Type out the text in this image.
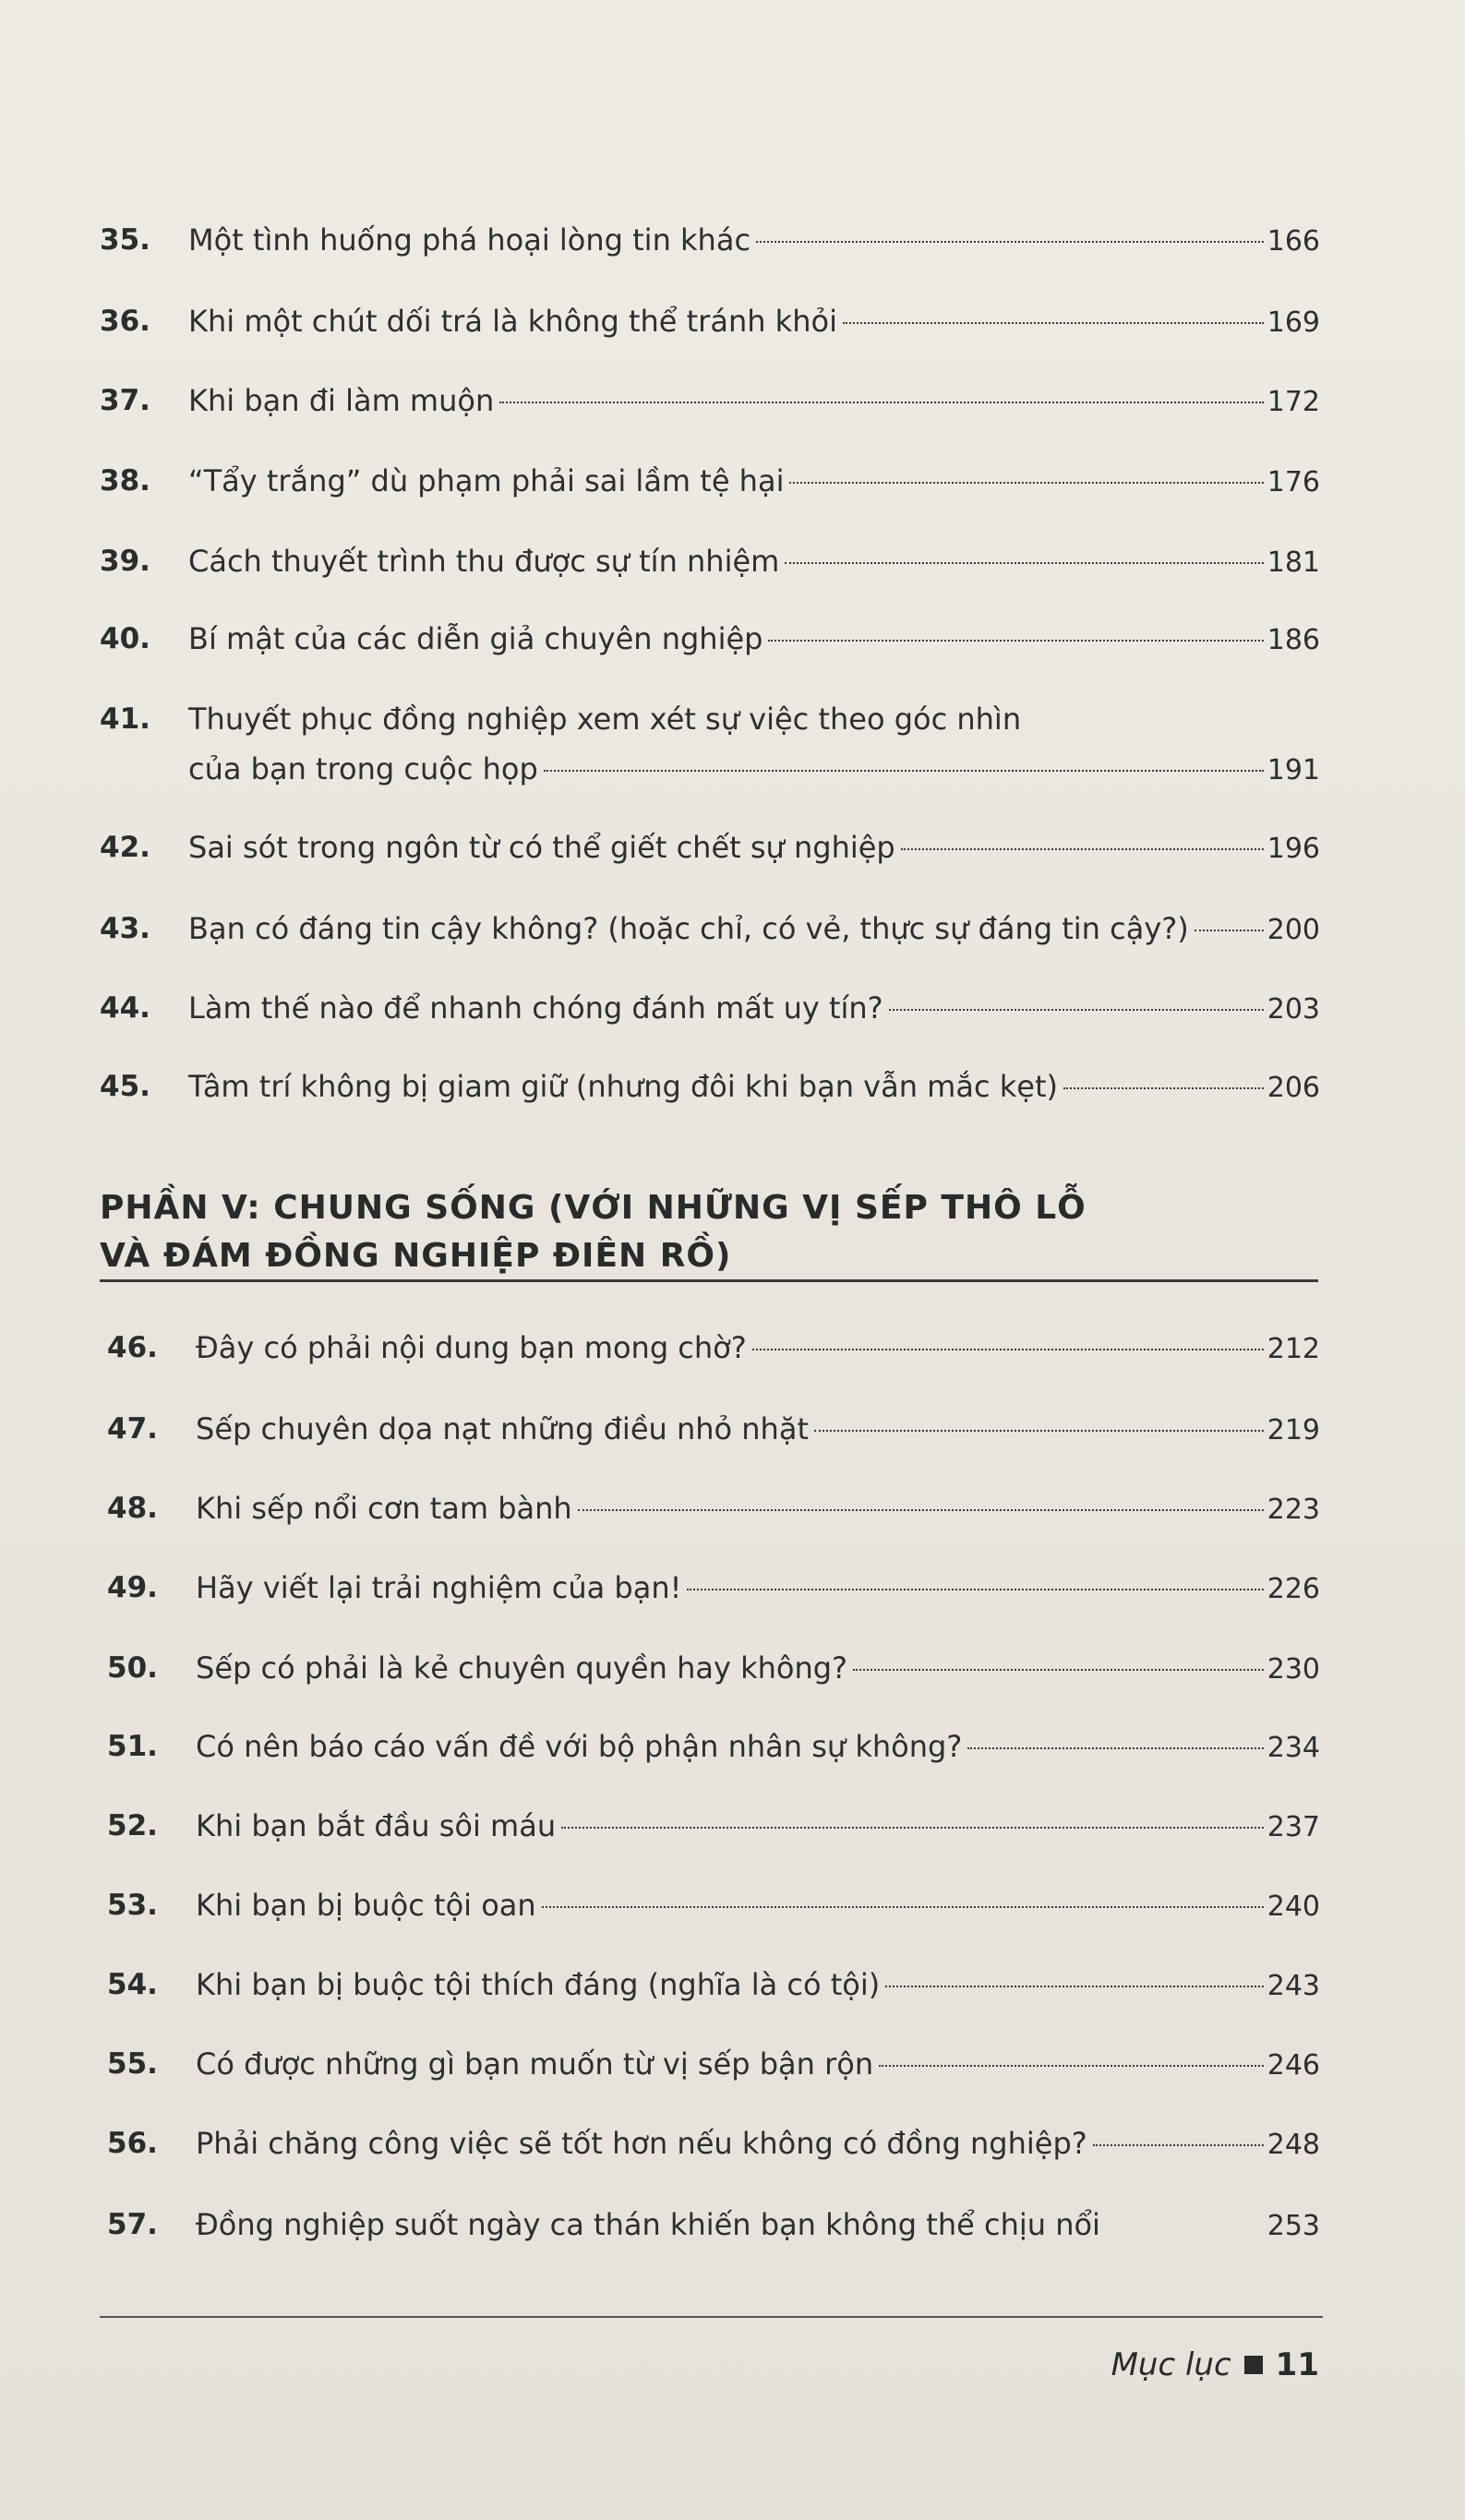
35. Một tình huống phá hoại lòng tin khác	166
36. Khi một chút dối trá là không thể tránh khỏi	169
37. Khi bạn đi làm muộn	172
38. “Tẩy trắng” dù phạm phải sai lầm tệ hại	176
39. Cách thuyết trình thu được sự tín nhiệm	181
40. Bí mật của các diễn giả chuyên nghiệp	186
41. Thuyết phục đồng nghiệp xem xét sự việc theo góc nhìn
của bạn trong cuộc họp	191
42. Sai sót trong ngôn từ có thể giết chết sự nghiệp	196
43. Bạn có đáng tin cậy không? (hoặc chỉ, có vẻ, thực sự đáng tin cậy?)	200
44. Làm thế nào để nhanh chóng đánh mất uy tín?	203
45. Tâm trí không bị giam giữ (nhưng đôi khi bạn vẫn mắc kẹt)	206
PHẦN V: CHUNG SỐNG (VỚI NHỮNG VỊ SẾP THÔ LỖ
VÀ ĐÁM ĐỒNG NGHIỆP ĐIÊN RỒ)
46. Đây có phải nội dung bạn mong chờ?	212
47. Sếp chuyên dọa nạt những điều nhỏ nhặt	219
48. Khi sếp nổi cơn tam bành	223
49. Hãy viết lại trải nghiệm của bạn!	226
50. Sếp có phải là kẻ chuyên quyền hay không?	230
51. Có nên báo cáo vấn đề với bộ phận nhân sự không?	234
52. Khi bạn bắt đầu sôi máu	237
53. Khi bạn bị buộc tội oan	240
54. Khi bạn bị buộc tội thích đáng (nghĩa là có tội)	243
55. Có được những gì bạn muốn từ vị sếp bận rộn	246
56. Phải chăng công việc sẽ tốt hơn nếu không có đồng nghiệp?	248
57. Đồng nghiệp suốt ngày ca thán khiến bạn không thể chịu nổi	253
Mục lục 11
